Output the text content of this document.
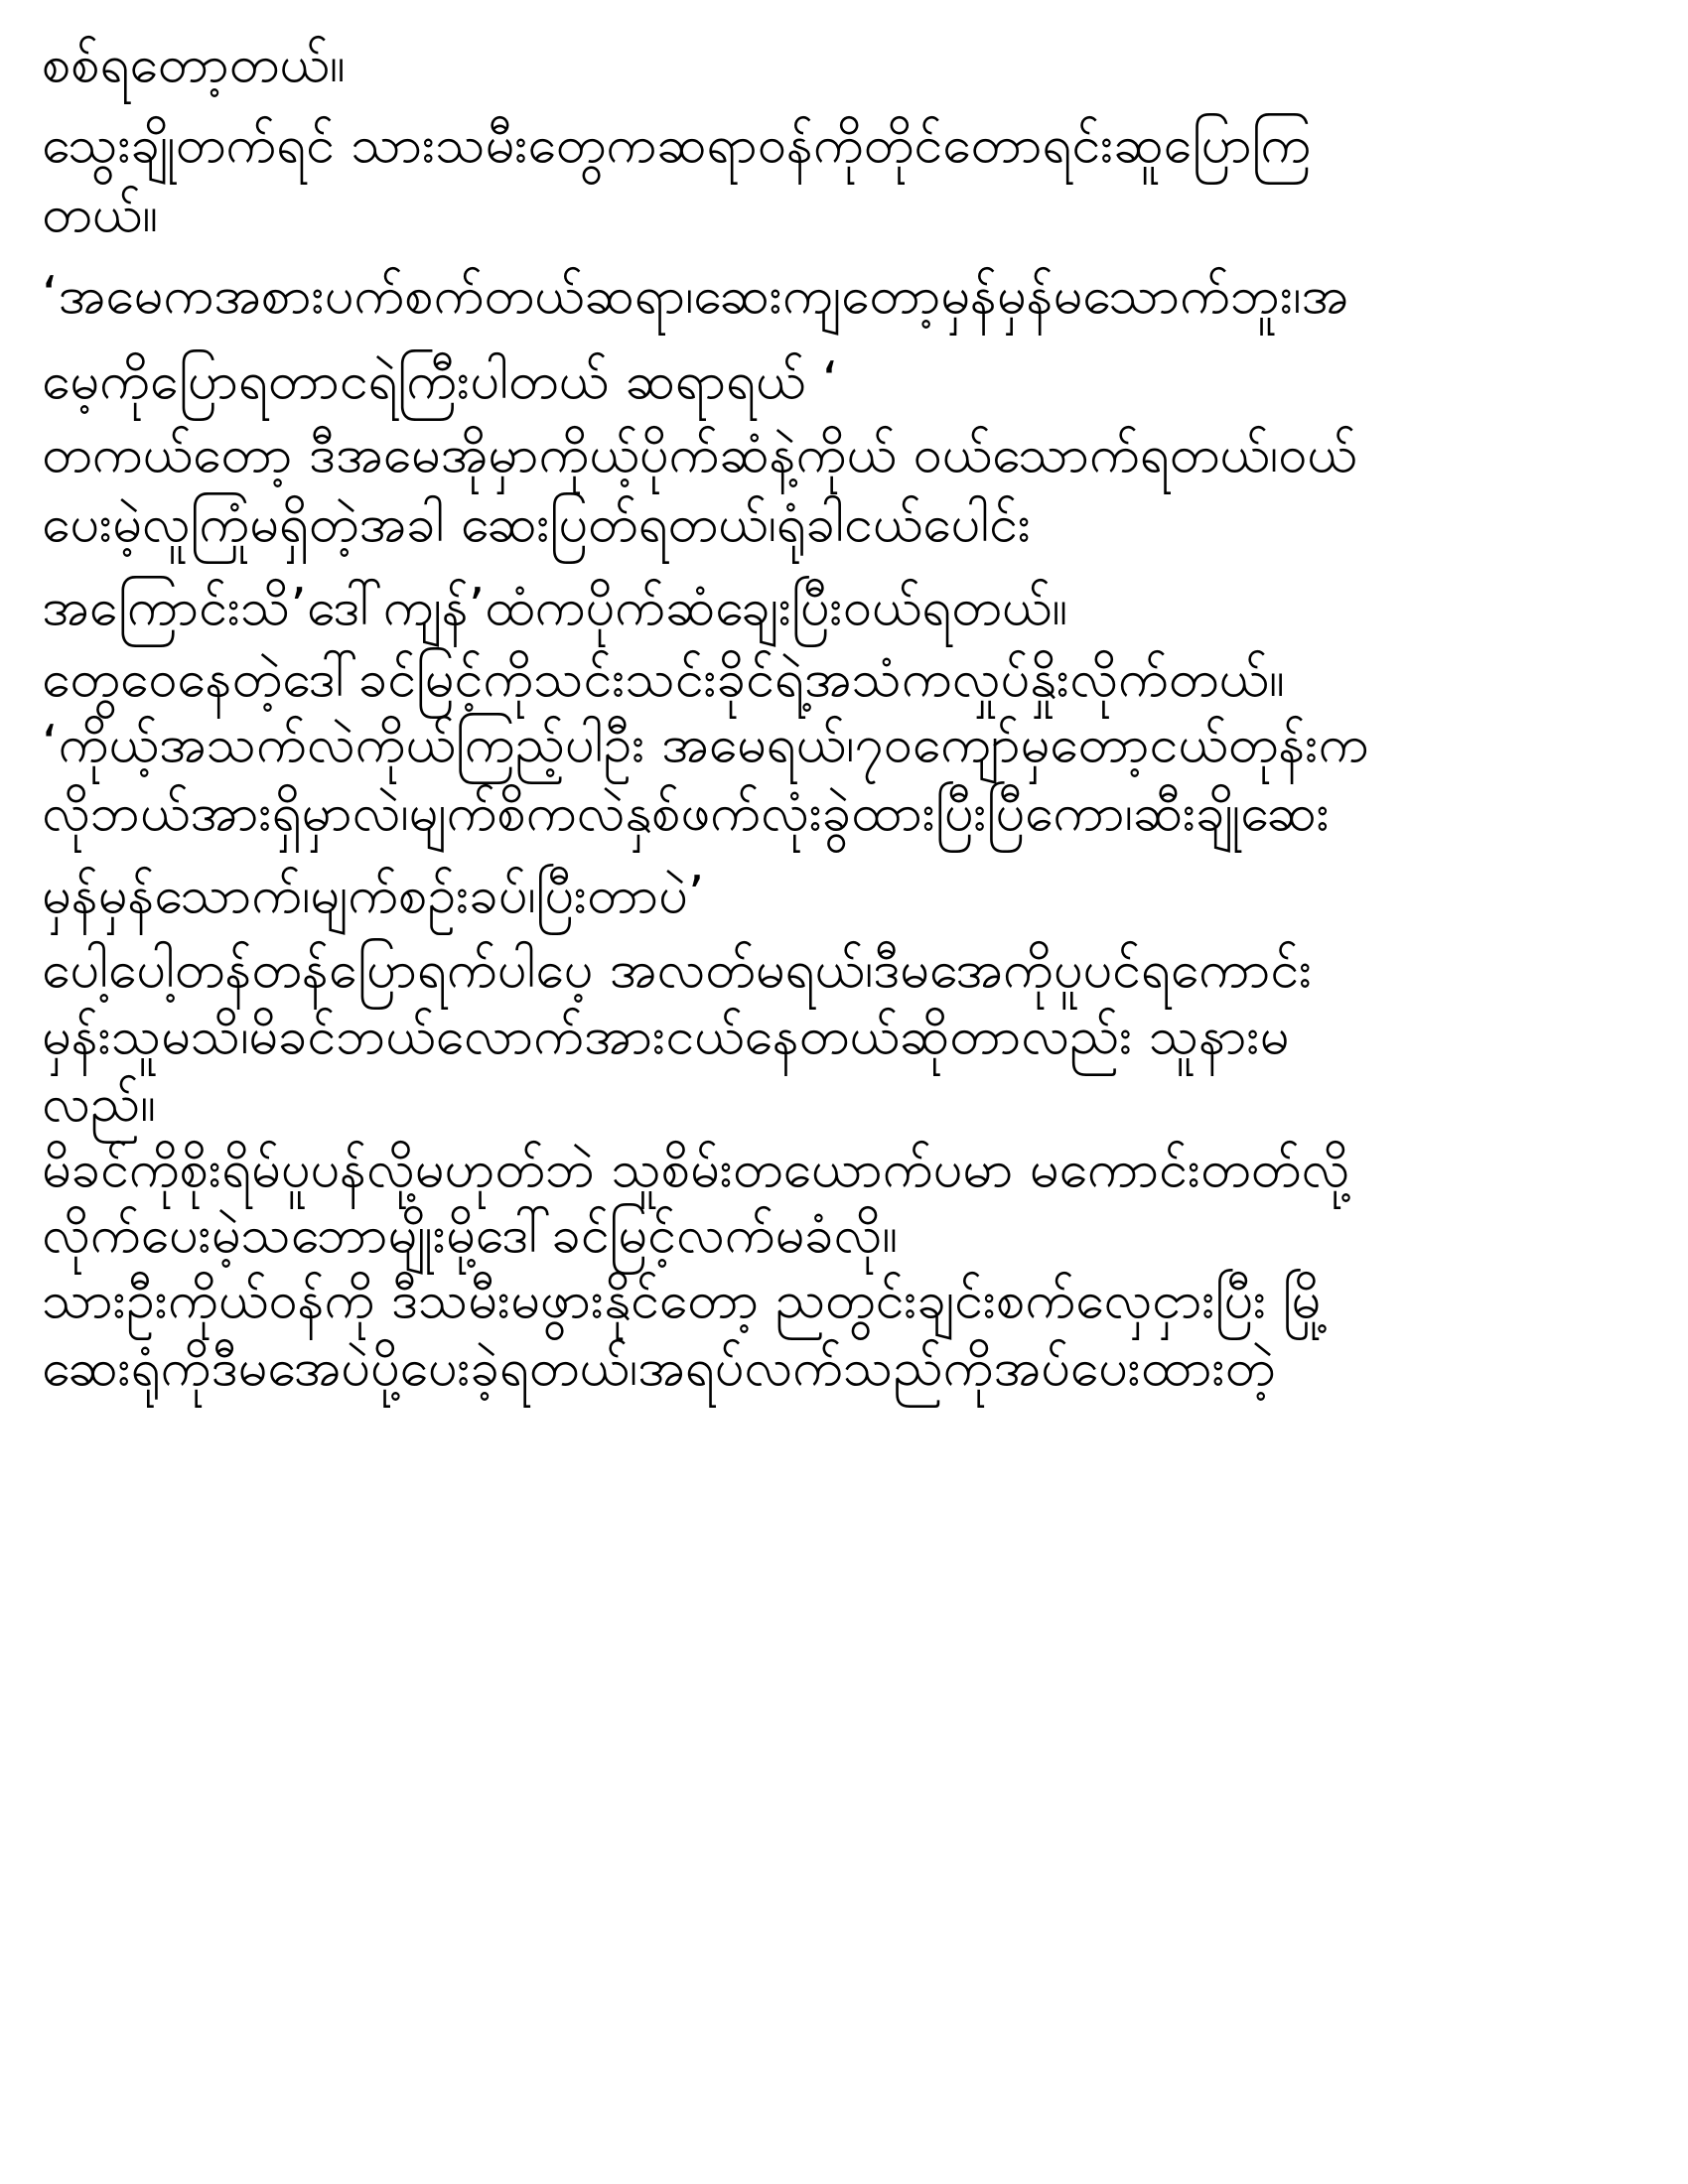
စစ်ရတော့တယ်။
သွေးချိုတက်ရင် သားသမီးတွေကဆရာဝန်ကိုတိုင်တောရင်းဆူပြောကြ
တယ်။
‘အမေကအစားပက်စက်တယ်ဆရာ၊ဆေးကျတော့မှန်မှန်မသောက်ဘူး၊အ
မေ့ကိုပြောရတာငရဲကြီးပါတယ် ဆရာရယ် ‘
တကယ်တော့ ဒီအမေအိုမှာကိုယ့်ပိုက်ဆံနဲ့ကိုယ် ဝယ်သောက်ရတယ်၊ဝယ်
ပေးမဲ့လူကြုံမရှိတဲ့အခါ ဆေးပြတ်ရတယ်၊ရုံခါငယ်ပေါင်း
အကြောင်းသိ’ဒေါ်ကျန်’ထံကပိုက်ဆံချေးပြီးဝယ်ရတယ်။
တွေဝေနေတဲ့ဒေါ်ခင်မြင့်ကိုသင်းသင်းခိုင်ရဲ့အသံကလှုပ်နှိုးလိုက်တယ်။
‘ကိုယ့်အသက်လဲကိုယ်ကြည့်ပါဦး အမေရယ်၊၇၀ကျော်မှတော့ငယ်တုန်းက
လိုဘယ်အားရှိမှာလဲ၊မျက်စိကလဲနှစ်ဖက်လုံးခွဲထားပြီးပြီကော၊ဆီးချိုဆေး
မှန်မှန်သောက်၊မျက်စဉ်းခပ်၊ပြီးတာပဲ’
ပေါ့ပေါ့တန်တန်ပြောရက်ပါပေ့ အလတ်မရယ်၊ဒီမအေကိုပူပင်ရကောင်း
မှန်းသူမသိ၊မိခင်ဘယ်လောက်အားငယ်နေတယ်ဆိုတာလည်း သူနားမ
လည်။
မိခင်ကိုစိုးရိမ်ပူပန်လို့မဟုတ်ဘဲ သူစိမ်းတယောက်ပမာ မကောင်းတတ်လို့
လိုက်ပေးမဲ့သဘောမျိုးမို့ဒေါ်ခင်မြင့်လက်မခံလို။
သားဦးကိုယ်ဝန်ကို ဒီသမီးမဖွားနိုင်တော့ ညတွင်းချင်းစက်လှေငှားပြီး မြို့
ဆေးရုံကိုဒီမအေပဲပို့ပေးခဲ့ရတယ်၊အရပ်လက်သည်ကိုအပ်ပေးထားတဲ့
